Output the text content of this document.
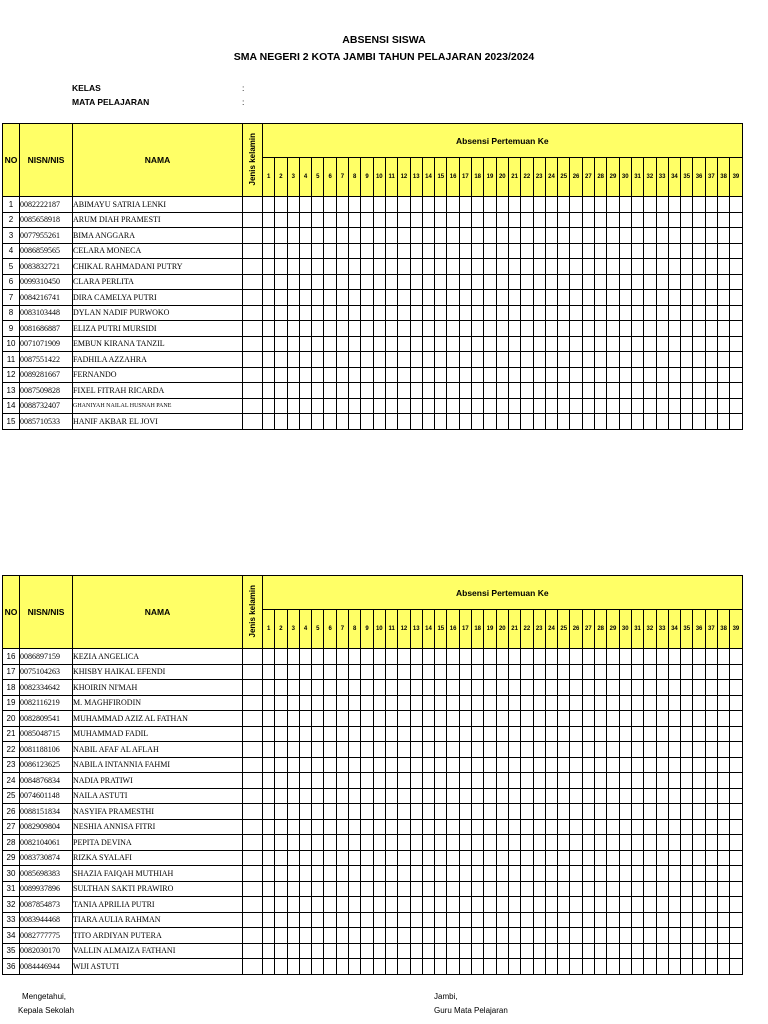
ABSENSI SISWA
SMA NEGERI 2 KOTA JAMBI TAHUN PELAJARAN 2023/2024
KELAS	:
MATA PELAJARAN	:
NO	NISN/NIS	NAMA	Jenis kelamin	Absensi Pertemuan Ke																																						
				1	2	3	4	5	6	7	8	9	10	11	12	13	14	15	16	17	18	19	20	21	22	23	24	25	26	27	28	29	30	31	32	33	34	35	36	37	38	39
1	0082222187	ABIMAYU SATRIA LENKI																																								
2	0085658918	ARUM DIAH PRAMESTI																																								
3	0077955261	BIMA ANGGARA																																								
4	0086859565	CELARA MONECA																																								
5	0083832721	CHIKAL RAHMADANI PUTRY																																								
6	0099310450	CLARA PERLITA																																								
7	0084216741	DIRA CAMELYA PUTRI																																								
8	0083103448	DYLAN NADIF PURWOKO																																								
9	0081686887	ELIZA PUTRI MURSIDI																																								
10	0071071909	EMBUN KIRANA TANZIL																																								
11	0087551422	FADHILA AZZAHRA																																								
12	0089281667	FERNANDO																																								
13	0087509828	FIXEL FITRAH RICARDA																																								
14	0088732407	GHANIYAH NAILAL HUSNAH PANE																																								
15	0085710533	HANIF AKBAR EL JOVI																																								
NO	NISN/NIS	NAMA	Jenis kelamin	Absensi Pertemuan Ke																																						
				1	2	3	4	5	6	7	8	9	10	11	12	13	14	15	16	17	18	19	20	21	22	23	24	25	26	27	28	29	30	31	32	33	34	35	36	37	38	39
16	0086897159	KEZIA ANGELICA																																								
17	0075104263	KHISBY HAIKAL EFENDI																																								
18	0082334642	KHOIRIN NI'MAH																																								
19	0082116219	M. MAGHFIRODIN																																								
20	0082809541	MUHAMMAD AZIZ AL FATHAN																																								
21	0085048715	MUHAMMAD FADIL																																								
22	0081188106	NABIL AFAF AL AFLAH																																								
23	0086123625	NABILA INTANNIA FAHMI																																								
24	0084876834	NADIA PRATIWI																																								
25	0074601148	NAILA ASTUTI																																								
26	0088151834	NASYIFA PRAMESTHI																																								
27	0082909804	NESHIA ANNISA FITRI																																								
28	0082104061	PEPITA DEVINA																																								
29	0083730874	RIZKA SYALAFI																																								
30	0085698383	SHAZIA FAIQAH MUTHIAH																																								
31	0089937896	SULTHAN SAKTI PRAWIRO																																								
32	0087854873	TANIA APRILIA PUTRI																																								
33	0083944468	TIARA AULIA RAHMAN																																								
34	0082777775	TITO ARDIYAN PUTERA																																								
35	0082030170	VALLIN ALMAIZA FATHANI																																								
36	0084446944	WIJI ASTUTI																																								
Mengetahui,
Kepala Sekolah
Jambi,
Guru Mata Pelajaran
